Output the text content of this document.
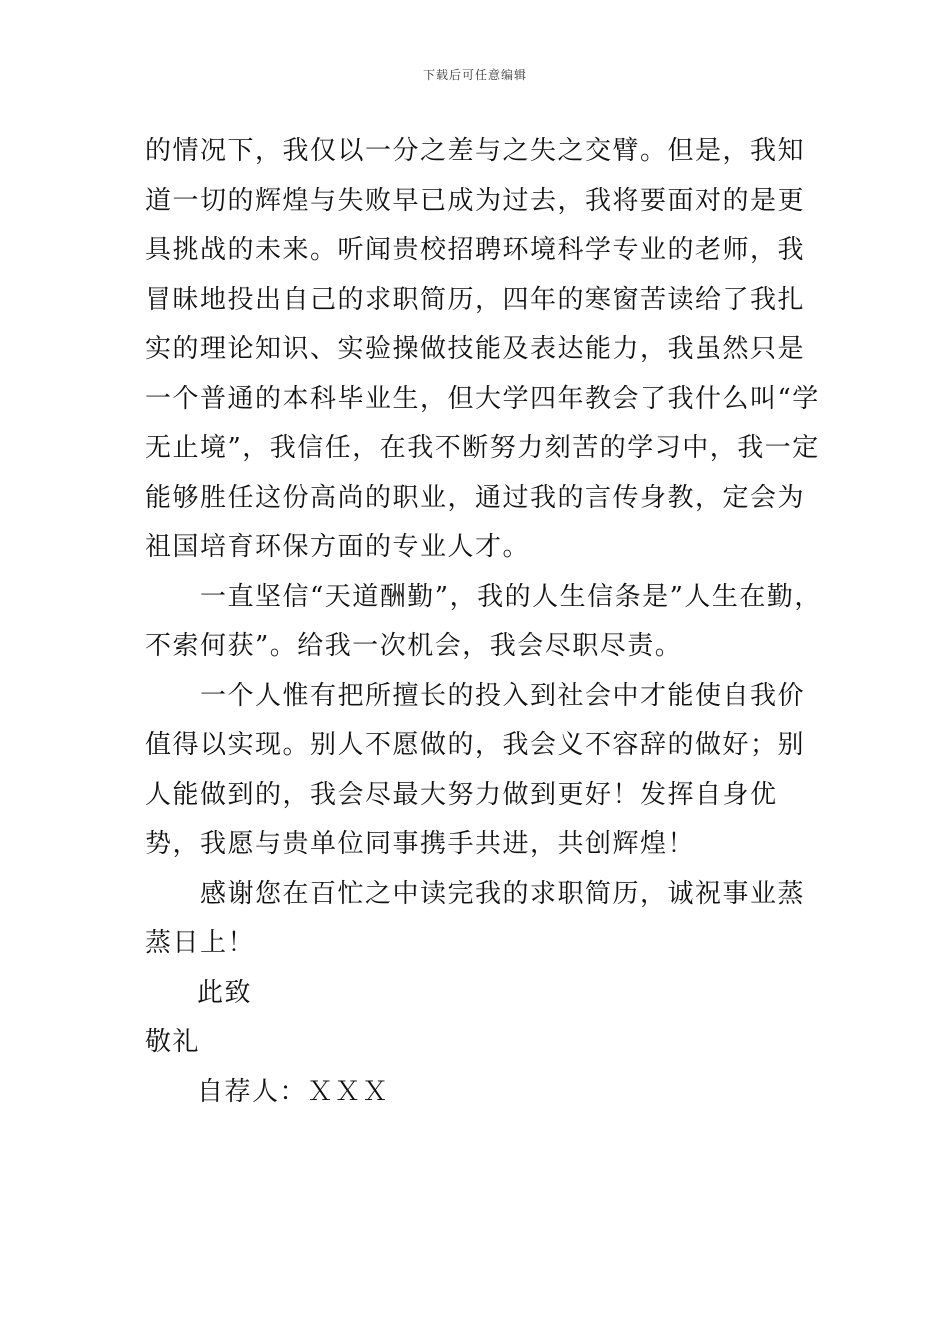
下载后可任意编辑

的情况下，我仅以一分之差与之失之交臂。但是，我知道一切的辉煌与失败早已成为过去，我将要面对的是更具挑战的未来。听闻贵校招聘环境科学专业的老师，我冒昧地投出自己的求职简历，四年的寒窗苦读给了我扎实的理论知识、实验操做技能及表达能力，我虽然只是一个普通的本科毕业生，但大学四年教会了我什么叫“学无止境”，我信任，在我不断努力刻苦的学习中，我一定能够胜任这份高尚的职业，通过我的言传身教，定会为祖国培育环保方面的专业人才。

一直坚信“天道酬勤”，我的人生信条是”人生在勤，不索何获”。给我一次机会，我会尽职尽责。

一个人惟有把所擅长的投入到社会中才能使自我价值得以实现。别人不愿做的，我会义不容辞的做好；别人能做到的，我会尽最大努力做到更好！发挥自身优势，我愿与贵单位同事携手共进，共创辉煌！

感谢您在百忙之中读完我的求职简历，诚祝事业蒸蒸日上！

此致

敬礼

自荐人：ＸＸＸ
